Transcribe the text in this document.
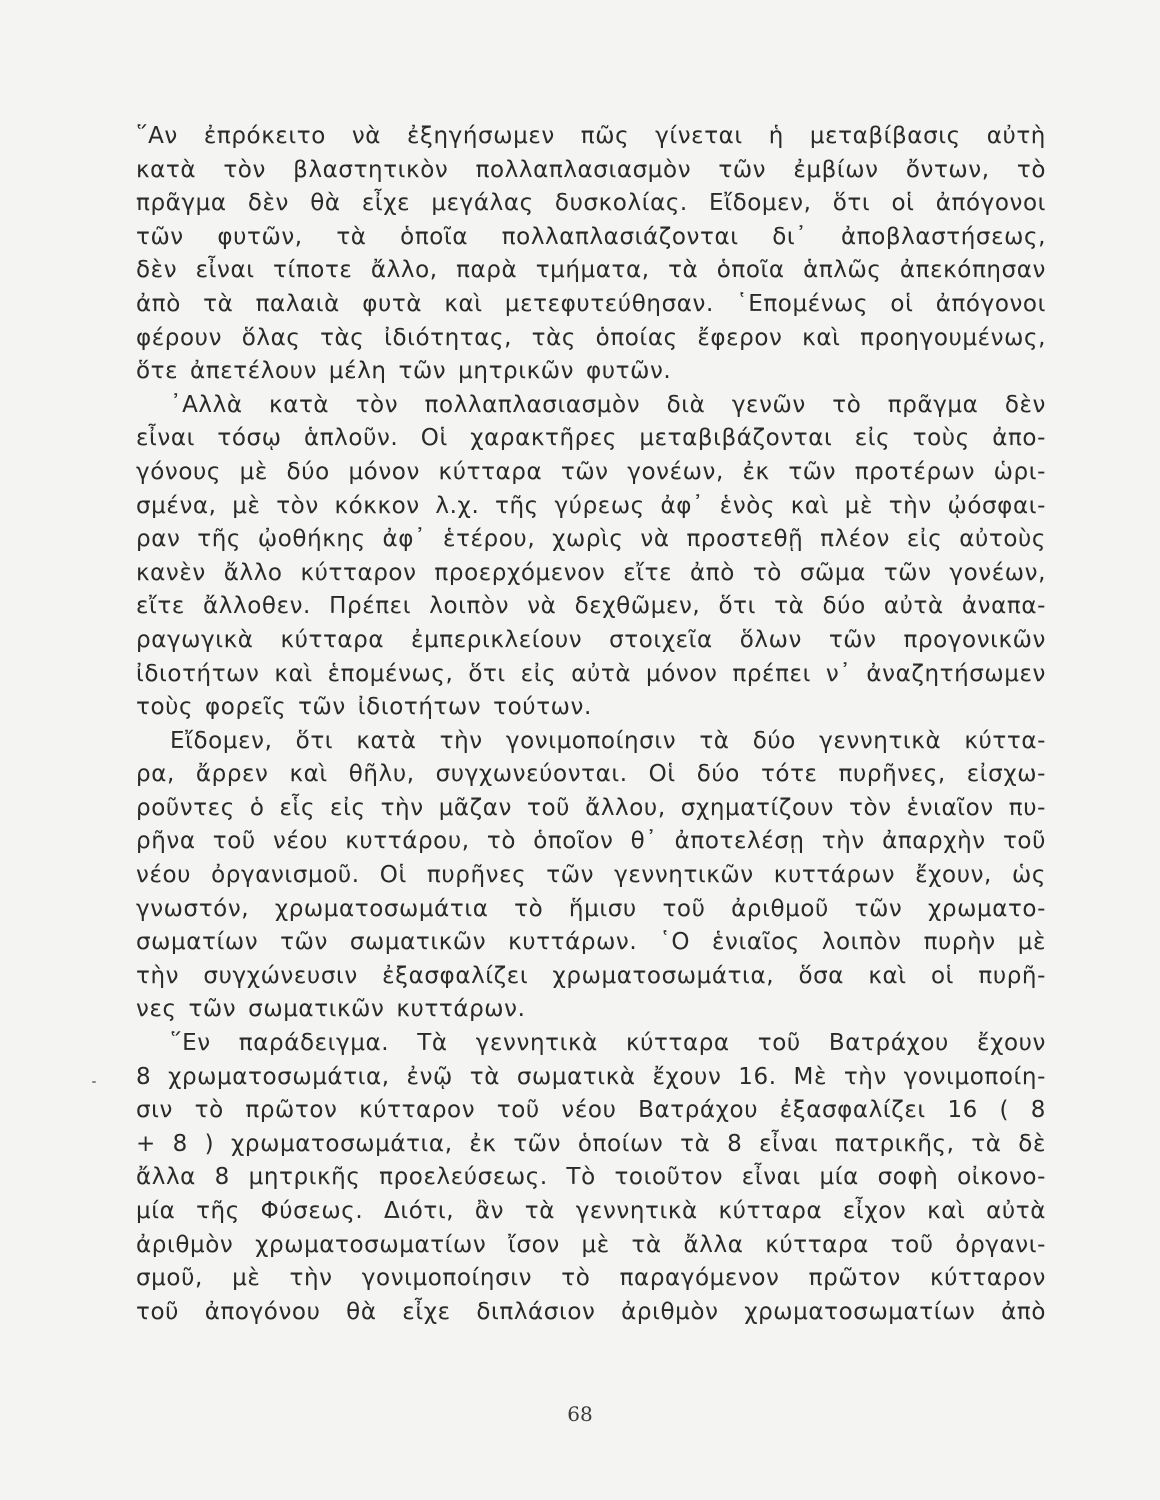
῞Αν ἐπρόκειτο νὰ ἐξηγήσωμεν πῶς γίνεται ἡ μεταβίβασις αὐτὴ
κατὰ τὸν βλαστητικὸν πολλαπλασιασμὸν τῶν ἐμβίων ὄντων, τὸ
πρᾶγμα δὲν θὰ εἶχε μεγάλας δυσκολίας. Εἴδομεν, ὅτι οἱ ἀπόγονοι
τῶν φυτῶν, τὰ ὁποῖα πολλαπλασιάζονται δι᾽ ἀποβλαστήσεως,
δὲν εἶναι τίποτε ἄλλο, παρὰ τμήματα, τὰ ὁποῖα ἁπλῶς ἀπεκόπησαν
ἀπὸ τὰ παλαιὰ φυτὰ καὶ μετεφυτεύθησαν. ῾Επομένως οἱ ἀπόγονοι
φέρουν ὅλας τὰς ἰδιότητας, τὰς ὁποίας ἔφερον καὶ προηγουμένως,
ὅτε ἀπετέλουν μέλη τῶν μητρικῶν φυτῶν.
᾽Αλλὰ κατὰ τὸν πολλαπλασιασμὸν διὰ γενῶν τὸ πρᾶγμα δὲν
εἶναι τόσῳ ἁπλοῦν. Οἱ χαρακτῆρες μεταβιβάζονται εἰς τοὺς ἀπο-
γόνους μὲ δύο μόνον κύτταρα τῶν γονέων, ἐκ τῶν προτέρων ὡρι-
σμένα, μὲ τὸν κόκκον λ.χ. τῆς γύρεως ἀφ᾽ ἑνὸς καὶ μὲ τὴν ᾠόσφαι-
ραν τῆς ᾠοθήκης ἀφ᾽ ἑτέρου, χωρὶς νὰ προστεθῇ πλέον εἰς αὐτοὺς
κανὲν ἄλλο κύτταρον προερχόμενον εἴτε ἀπὸ τὸ σῶμα τῶν γονέων,
εἴτε ἄλλοθεν. Πρέπει λοιπὸν νὰ δεχθῶμεν, ὅτι τὰ δύο αὐτὰ ἀναπα-
ραγωγικὰ κύτταρα ἐμπερικλείουν στοιχεῖα ὅλων τῶν προγονικῶν
ἰδιοτήτων καὶ ἑπομένως, ὅτι εἰς αὐτὰ μόνον πρέπει ν᾽ ἀναζητήσωμεν
τοὺς φορεῖς τῶν ἰδιοτήτων τούτων.
Εἴδομεν, ὅτι κατὰ τὴν γονιμοποίησιν τὰ δύο γεννητικὰ κύττα-
ρα, ἄρρεν καὶ θῆλυ, συγχωνεύονται. Οἱ δύο τότε πυρῆνες, εἰσχω-
ροῦντες ὁ εἷς εἰς τὴν μᾶζαν τοῦ ἄλλου, σχηματίζουν τὸν ἑνιαῖον πυ-
ρῆνα τοῦ νέου κυττάρου, τὸ ὁποῖον θ᾽ ἀποτελέσῃ τὴν ἀπαρχὴν τοῦ
νέου ὀργανισμοῦ. Οἱ πυρῆνες τῶν γεννητικῶν κυττάρων ἔχουν, ὡς
γνωστόν, χρωματοσωμάτια τὸ ἥμισυ τοῦ ἀριθμοῦ τῶν χρωματο-
σωματίων τῶν σωματικῶν κυττάρων. ῾Ο ἑνιαῖος λοιπὸν πυρὴν μὲ
τὴν συγχώνευσιν ἐξασφαλίζει χρωματοσωμάτια, ὅσα καὶ οἱ πυρῆ-
νες τῶν σωματικῶν κυττάρων.
῞Εν παράδειγμα. Τὰ γεννητικὰ κύτταρα τοῦ Βατράχου ἔχουν
8 χρωματοσωμάτια, ἐνῷ τὰ σωματικὰ ἔχουν 16. Μὲ τὴν γονιμοποίη-
σιν τὸ πρῶτον κύτταρον τοῦ νέου Βατράχου ἐξασφαλίζει 16 ( 8
+ 8 ) χρωματοσωμάτια, ἐκ τῶν ὁποίων τὰ 8 εἶναι πατρικῆς, τὰ δὲ
ἄλλα 8 μητρικῆς προελεύσεως. Τὸ τοιοῦτον εἶναι μία σοφὴ οἰκονο-
μία τῆς Φύσεως. Διότι, ἂν τὰ γεννητικὰ κύτταρα εἶχον καὶ αὐτὰ
ἀριθμὸν χρωματοσωματίων ἴσον μὲ τὰ ἄλλα κύτταρα τοῦ ὀργανι-
σμοῦ, μὲ τὴν γονιμοποίησιν τὸ παραγόμενον πρῶτον κύτταρον
τοῦ ἀπογόνου θὰ εἶχε διπλάσιον ἀριθμὸν χρωματοσωματίων ἀπὸ
68
